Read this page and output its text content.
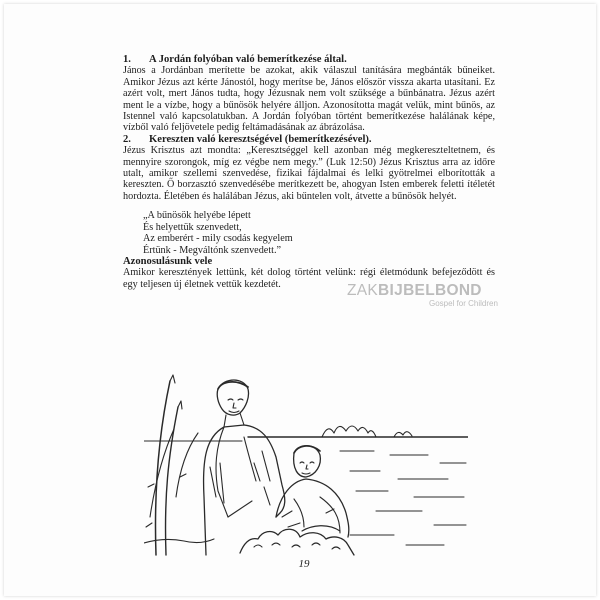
1. A Jordán folyóban való bemerítkezése által.

János a Jordánban merítette be azokat, akik válaszul tanítására megbánták bűneiket. Amikor Jézus azt kérte Jánostól, hogy merítse be, János először vissza akarta utasítani. Ez azért volt, mert János tudta, hogy Jézusnak nem volt szüksége a bűnbánatra. Jézus azért ment le a vízbe, hogy a bűnösök helyére álljon. Azonosította magát velük, mint bűnös, az Istennel való kapcsolatukban. A Jordán folyóban történt bemerítkezése halálának képe, vízből való feljövetele pedig feltámadásának az ábrázolása.

2. Kereszten való keresztségével (bemerítkezésével).

Jézus Krisztus azt mondta: „Keresztséggel kell azonban még megkereszteltetnem, és mennyire szorongok, míg ez végbe nem megy.” (Luk 12:50) Jézus Krisztus arra az időre utalt, amikor szellemi szenvedése, fizikai fájdalmai és lelki gyötrelmei elborították a kereszten. Ő borzasztó szenvedésébe merítkezett be, ahogyan Isten emberek feletti ítéletét hordozta. Életében és halálában Jézus, aki bűntelen volt, átvette a bűnösök helyét.

„A bűnösök helyébe lépett
És helyettük szenvedett,
Az emberért - mily csodás kegyelem
Értünk - Megváltónk szenvedett.”

Azonosulásunk vele

Amikor keresztények lettünk, két dolog történt velünk: régi életmódunk befejeződött és egy teljesen új életnek vettük kezdetét.	ZAKBIJBELBOND
Gospel for Children
19
